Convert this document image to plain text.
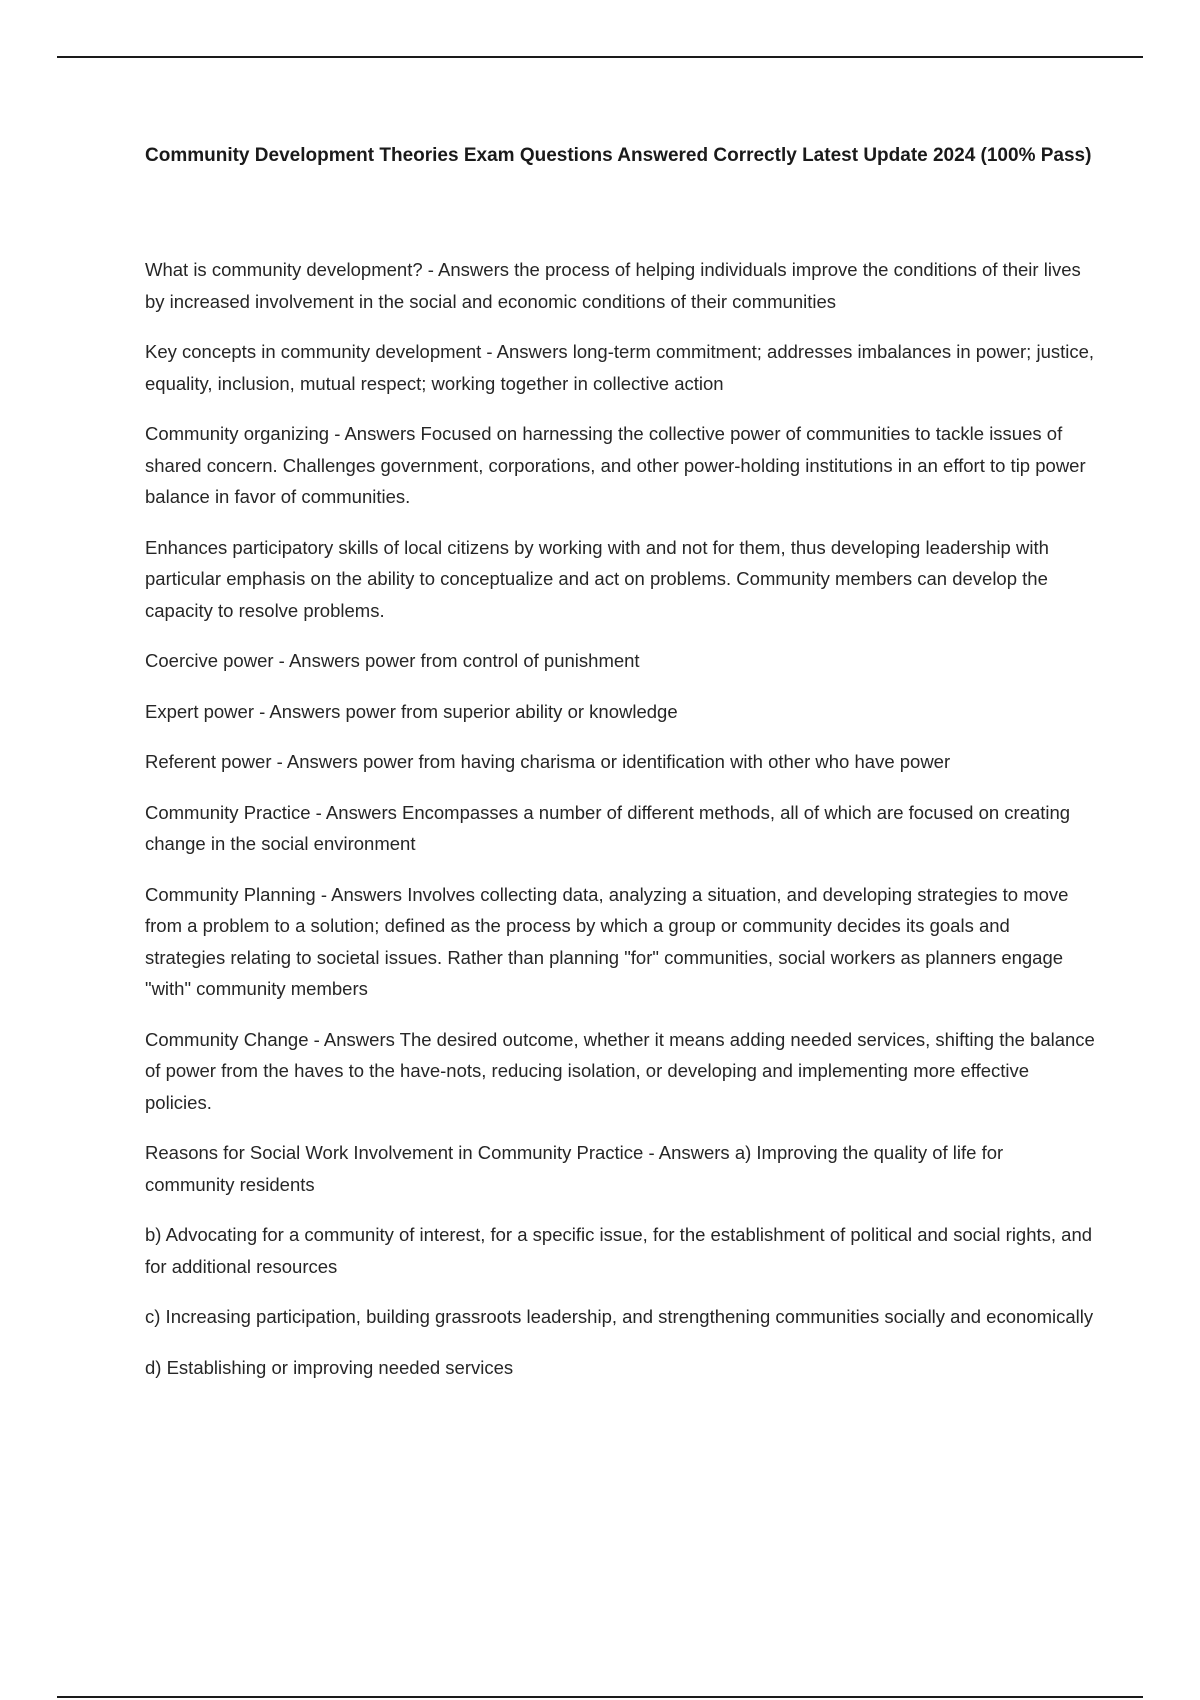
Community Development Theories Exam Questions Answered Correctly Latest Update 2024 (100% Pass)

What is community development? - Answers the process of helping individuals improve the conditions of their lives by increased involvement in the social and economic conditions of their communities

Key concepts in community development - Answers long-term commitment; addresses imbalances in power; justice, equality, inclusion, mutual respect; working together in collective action

Community organizing - Answers Focused on harnessing the collective power of communities to tackle issues of shared concern. Challenges government, corporations, and other power-holding institutions in an effort to tip power balance in favor of communities.

Enhances participatory skills of local citizens by working with and not for them, thus developing leadership with particular emphasis on the ability to conceptualize and act on problems. Community members can develop the capacity to resolve problems.

Coercive power - Answers power from control of punishment

Expert power - Answers power from superior ability or knowledge

Referent power - Answers power from having charisma or identification with other who have power

Community Practice - Answers Encompasses a number of different methods, all of which are focused on creating change in the social environment

Community Planning - Answers Involves collecting data, analyzing a situation, and developing strategies to move from a problem to a solution; defined as the process by which a group or community decides its goals and strategies relating to societal issues. Rather than planning "for" communities, social workers as planners engage "with" community members

Community Change - Answers The desired outcome, whether it means adding needed services, shifting the balance of power from the haves to the have-nots, reducing isolation, or developing and implementing more effective policies.

Reasons for Social Work Involvement in Community Practice - Answers a) Improving the quality of life for community residents

b) Advocating for a community of interest, for a specific issue, for the establishment of political and social rights, and for additional resources

c) Increasing participation, building grassroots leadership, and strengthening communities socially and economically

d) Establishing or improving needed services
